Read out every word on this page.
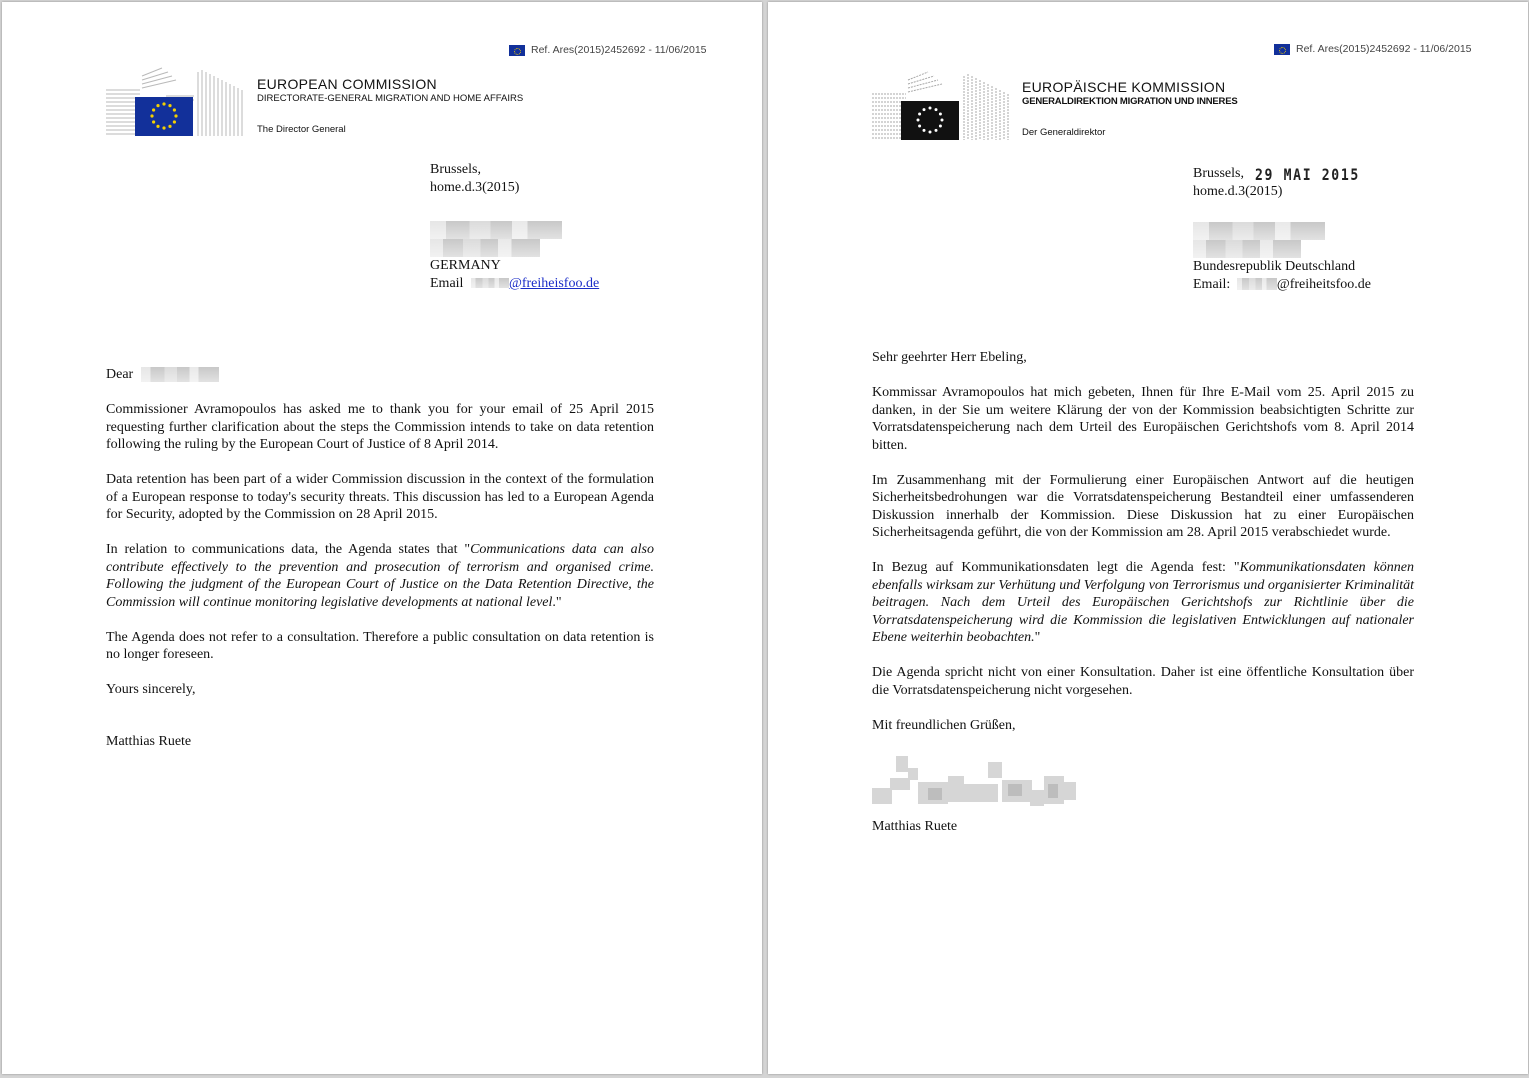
Ref. Ares(2015)2452692 - 11/06/2015
EUROPEAN COMMISSION
DIRECTORATE-GENERAL MIGRATION AND HOME AFFAIRS
The Director General
Brussels,
home.d.3(2015)
GERMANY
Email	@freiheisfoo.de

Dear

Commissioner Avramopoulos has asked me to thank you for your email of 25 April 2015 requesting further clarification about the steps the Commission intends to take on data retention following the ruling by the European Court of Justice of 8 April 2014.

Data retention has been part of a wider Commission discussion in the context of the formulation of a European response to today's security threats. This discussion has led to a European Agenda for Security, adopted by the Commission on 28 April 2015.

In relation to communications data, the Agenda states that "Communications data can also contribute effectively to the prevention and prosecution of terrorism and organised crime. Following the judgment of the European Court of Justice on the Data Retention Directive, the Commission will continue monitoring legislative developments at national level."

The Agenda does not refer to a consultation. Therefore a public consultation on data retention is no longer foreseen.

Yours sincerely,

Matthias Ruete
Ref. Ares(2015)2452692 - 11/06/2015
EUROPÄISCHE KOMMISSION
GENERALDIREKTION MIGRATION UND INNERES
Der Generaldirektor
Brussels, 29 MAI 2015
home.d.3(2015)
Bundesrepublik Deutschland
Email:	@freiheitsfoo.de

Sehr geehrter Herr Ebeling,

Kommissar Avramopoulos hat mich gebeten, Ihnen für Ihre E-Mail vom 25. April 2015 zu danken, in der Sie um weitere Klärung der von der Kommission beabsichtigten Schritte zur Vorratsdatenspeicherung nach dem Urteil des Europäischen Gerichtshofs vom 8. April 2014 bitten.

Im Zusammenhang mit der Formulierung einer Europäischen Antwort auf die heutigen Sicherheitsbedrohungen war die Vorratsdatenspeicherung Bestandteil einer umfassenderen Diskussion innerhalb der Kommission. Diese Diskussion hat zu einer Europäischen Sicherheitsagenda geführt, die von der Kommission am 28. April 2015 verabschiedet wurde.

In Bezug auf Kommunikationsdaten legt die Agenda fest: "Kommunikationsdaten können ebenfalls wirksam zur Verhütung und Verfolgung von Terrorismus und organisierter Kriminalität beitragen. Nach dem Urteil des Europäischen Gerichtshofs zur Richtlinie über die Vorratsdatenspeicherung wird die Kommission die legislativen Entwicklungen auf nationaler Ebene weiterhin beobachten."

Die Agenda spricht nicht von einer Konsultation. Daher ist eine öffentliche Konsultation über die Vorratsdatenspeicherung nicht vorgesehen.

Mit freundlichen Grüßen,

Matthias Ruete
